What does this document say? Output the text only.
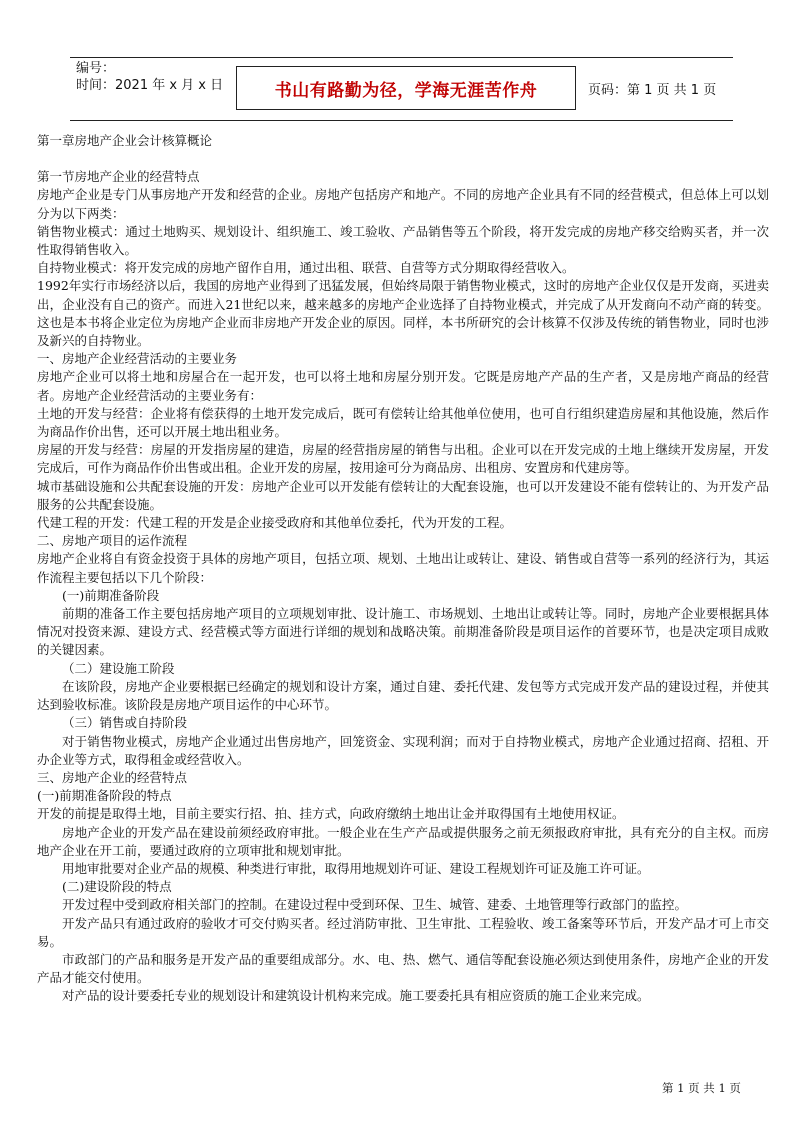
编号：
时间：2021 年 x 月 x 日	书山有路勤为径，学海无涯苦作舟	页码：第 1 页 共 1 页

第一章房地产企业会计核算概论

第一节房地产企业的经营特点

房地产企业是专门从事房地产开发和经营的企业。房地产包括房产和地产。不同的房地产企业具有不同的经营模式，但总体上可以划分为以下两类：

销售物业模式：通过土地购买、规划设计、组织施工、竣工验收、产品销售等五个阶段，将开发完成的房地产移交给购买者，并一次性取得销售收入。

自持物业模式：将开发完成的房地产留作自用，通过出租、联营、自营等方式分期取得经营收入。

1992年实行市场经济以后，我国的房地产业得到了迅猛发展，但始终局限于销售物业模式，这时的房地产企业仅仅是开发商，买进卖出，企业没有自己的资产。而进入21世纪以来，越来越多的房地产企业选择了自持物业模式，并完成了从开发商向不动产商的转变。这也是本书将企业定位为房地产企业而非房地产开发企业的原因。同样，本书所研究的会计核算不仅涉及传统的销售物业，同时也涉及新兴的自持物业。

一、房地产企业经营活动的主要业务

房地产企业可以将土地和房屋合在一起开发，也可以将土地和房屋分别开发。它既是房地产产品的生产者，又是房地产商品的经营者。房地产企业经营活动的主要业务有：

土地的开发与经营：企业将有偿获得的土地开发完成后，既可有偿转让给其他单位使用，也可自行组织建造房屋和其他设施，然后作为商品作价出售，还可以开展土地出租业务。

房屋的开发与经营：房屋的开发指房屋的建造，房屋的经营指房屋的销售与出租。企业可以在开发完成的土地上继续开发房屋，开发完成后，可作为商品作价出售或出租。企业开发的房屋，按用途可分为商品房、出租房、安置房和代建房等。

城市基础设施和公共配套设施的开发：房地产企业可以开发能有偿转让的大配套设施，也可以开发建设不能有偿转让的、为开发产品服务的公共配套设施。

代建工程的开发：代建工程的开发是企业接受政府和其他单位委托，代为开发的工程。

二、房地产项目的运作流程

房地产企业将自有资金投资于具体的房地产项目，包括立项、规划、土地出让或转让、建设、销售或自营等一系列的经济行为，其运作流程主要包括以下几个阶段：

(一)前期准备阶段

前期的准备工作主要包括房地产项目的立项规划审批、设计施工、市场规划、土地出让或转让等。同时，房地产企业要根据具体情况对投资来源、建设方式、经营模式等方面进行详细的规划和战略决策。前期准备阶段是项目运作的首要环节，也是决定项目成败的关键因素。

（二）建设施工阶段

在该阶段，房地产企业要根据已经确定的规划和设计方案，通过自建、委托代建、发包等方式完成开发产品的建设过程，并使其达到验收标准。该阶段是房地产项目运作的中心环节。

（三）销售或自持阶段

对于销售物业模式，房地产企业通过出售房地产，回笼资金、实现利润；而对于自持物业模式，房地产企业通过招商、招租、开办企业等方式，取得租金或经营收入。

三、房地产企业的经营特点

(一)前期准备阶段的特点

开发的前提是取得土地，目前主要实行招、拍、挂方式，向政府缴纳土地出让金并取得国有土地使用权证。

房地产企业的开发产品在建设前须经政府审批。一般企业在生产产品或提供服务之前无须报政府审批，具有充分的自主权。而房地产企业在开工前，要通过政府的立项审批和规划审批。

用地审批要对企业产品的规模、种类进行审批，取得用地规划许可证、建设工程规划许可证及施工许可证。

(二)建设阶段的特点

开发过程中受到政府相关部门的控制。在建设过程中受到环保、卫生、城管、建委、土地管理等行政部门的监控。

开发产品只有通过政府的验收才可交付购买者。经过消防审批、卫生审批、工程验收、竣工备案等环节后，开发产品才可上市交易。

市政部门的产品和服务是开发产品的重要组成部分。水、电、热、燃气、通信等配套设施必须达到使用条件，房地产企业的开发产品才能交付使用。

对产品的设计要委托专业的规划设计和建筑设计机构来完成。施工要委托具有相应资质的施工企业来完成。

第 1 页 共 1 页
